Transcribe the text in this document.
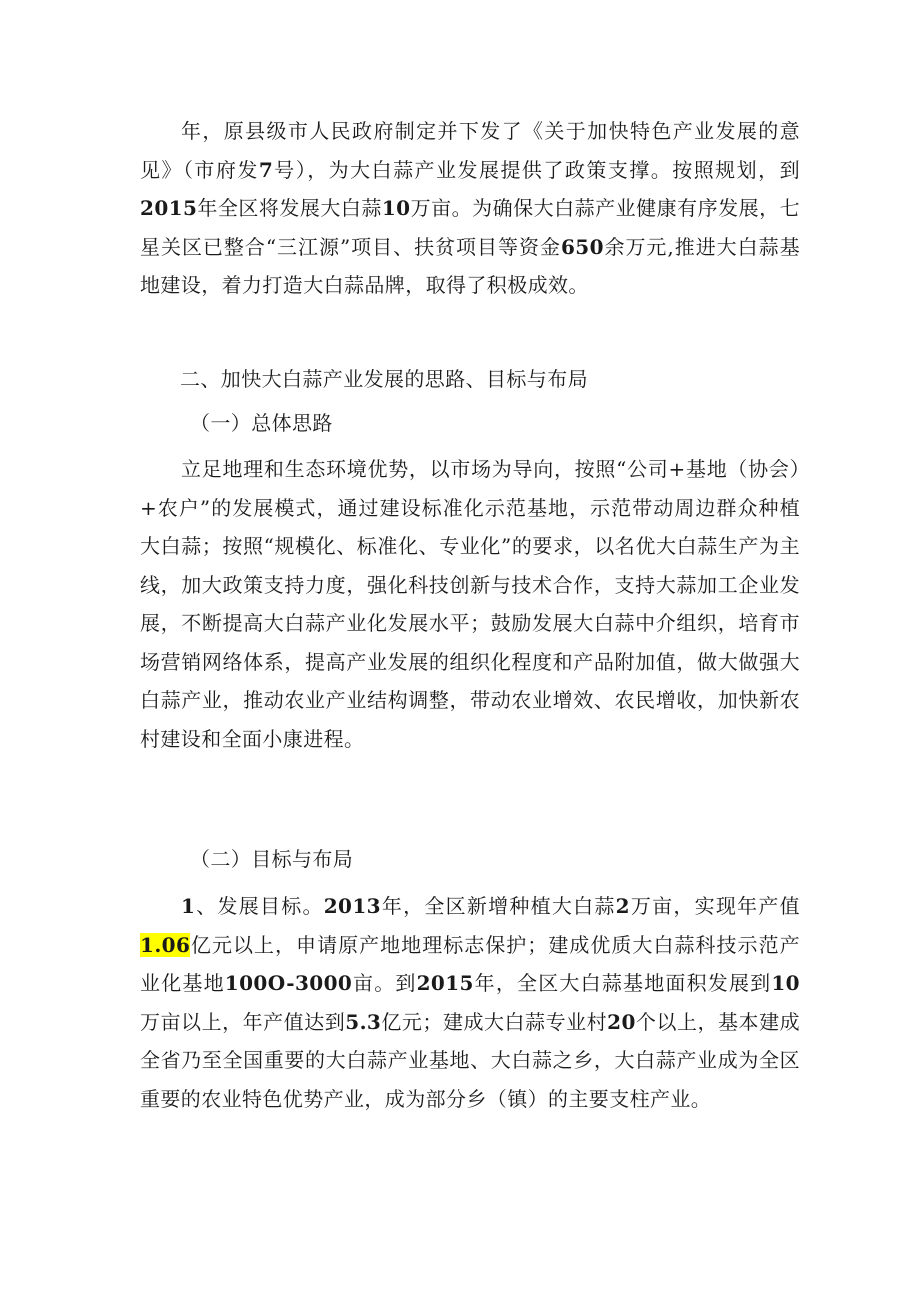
年，原县级市人民政府制定并下发了《关于加快特色产业发展的意见》（市府发7号），为大白蒜产业发展提供了政策支撑。按照规划，到2015年全区将发展大白蒜10万亩。为确保大白蒜产业健康有序发展，七星关区已整合“三江源”项目、扶贫项目等资金650余万元,推进大白蒜基地建设，着力打造大白蒜品牌，取得了积极成效。

二、加快大白蒜产业发展的思路、目标与布局

（一）总体思路

立足地理和生态环境优势，以市场为导向，按照“公司+基地（协会）+农户”的发展模式，通过建设标准化示范基地，示范带动周边群众种植大白蒜；按照“规模化、标准化、专业化”的要求，以名优大白蒜生产为主线，加大政策支持力度，强化科技创新与技术合作，支持大蒜加工企业发展，不断提高大白蒜产业化发展水平；鼓励发展大白蒜中介组织，培育市场营销网络体系，提高产业发展的组织化程度和产品附加值，做大做强大白蒜产业，推动农业产业结构调整，带动农业增效、农民增收，加快新农村建设和全面小康进程。

（二）目标与布局

1、发展目标。2013年，全区新增种植大白蒜2万亩，实现年产值1.06亿元以上，申请原产地地理标志保护；建成优质大白蒜科技示范产业化基地100O-3000亩。到2015年，全区大白蒜基地面积发展到10万亩以上，年产值达到5.3亿元；建成大白蒜专业村20个以上，基本建成全省乃至全国重要的大白蒜产业基地、大白蒜之乡，大白蒜产业成为全区重要的农业特色优势产业，成为部分乡（镇）的主要支柱产业。
